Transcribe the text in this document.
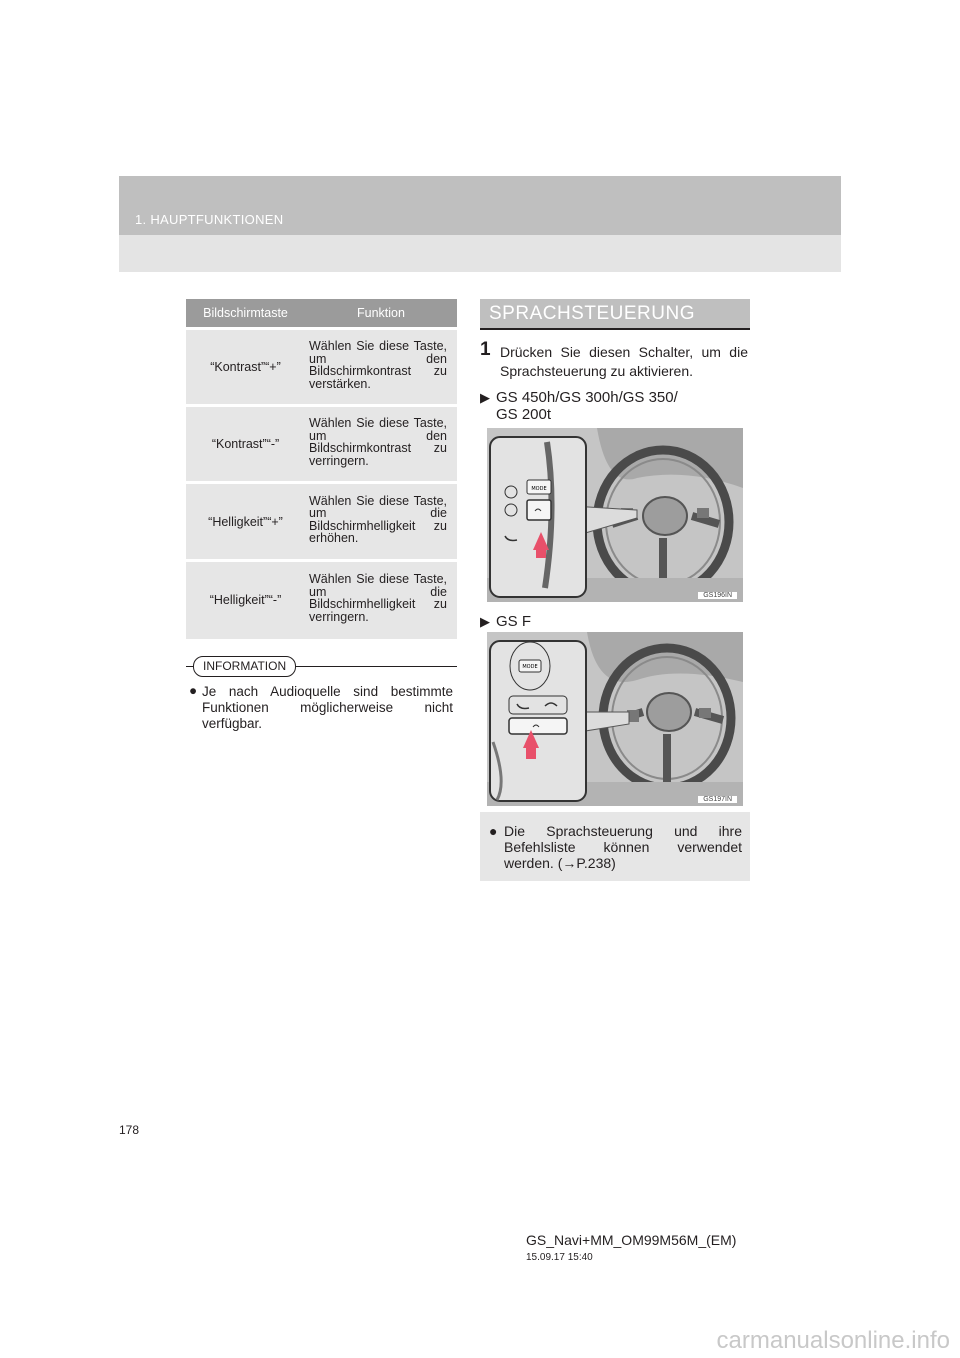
1. HAUPTFUNKTIONEN
Bildschirmtaste	Funktion
“Kontrast”“+”	Wählen Sie diese Taste, um den Bildschirmkontrast zu verstärken.
“Kontrast”“-”	Wählen Sie diese Taste, um den Bildschirmkontrast zu verringern.
“Helligkeit”“+”	Wählen Sie diese Taste, um die Bildschirmhelligkeit zu erhöhen.
“Helligkeit”“-”	Wählen Sie diese Taste, um die Bildschirmhelligkeit zu verringern.
INFORMATION
● Je nach Audioquelle sind bestimmte Funktionen möglicherweise nicht verfügbar.
SPRACHSTEUERUNG
1 Drücken Sie diesen Schalter, um die Sprachsteuerung zu aktivieren.
▶ GS 450h/GS 300h/GS 350/
GS 200t
MODE
GS196IN
▶ GS F
MODE
GS197IN
● Die Sprachsteuerung und ihre Befehlsliste können verwendet werden. (→P.238)
178
GS_Navi+MM_OM99M56M_(EM)
15.09.17 15:40
carmanualsonline.info
